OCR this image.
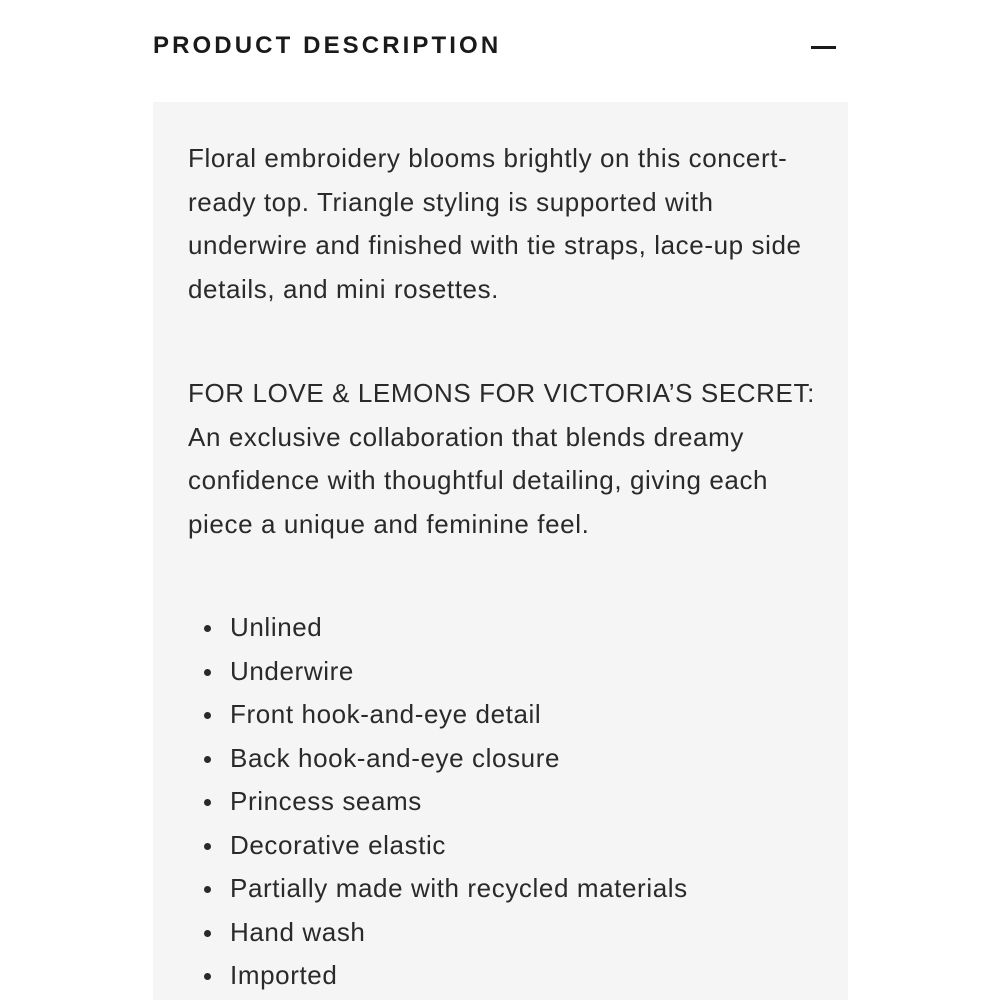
PRODUCT DESCRIPTION

Floral embroidery blooms brightly on this concert-ready top. Triangle styling is supported with underwire and finished with tie straps, lace-up side details, and mini rosettes.

FOR LOVE & LEMONS FOR VICTORIA’S SECRET:
An exclusive collaboration that blends dreamy confidence with thoughtful detailing, giving each piece a unique and feminine feel.

Unlined
Underwire
Front hook-and-eye detail
Back hook-and-eye closure
Princess seams
Decorative elastic
Partially made with recycled materials
Hand wash
Imported
